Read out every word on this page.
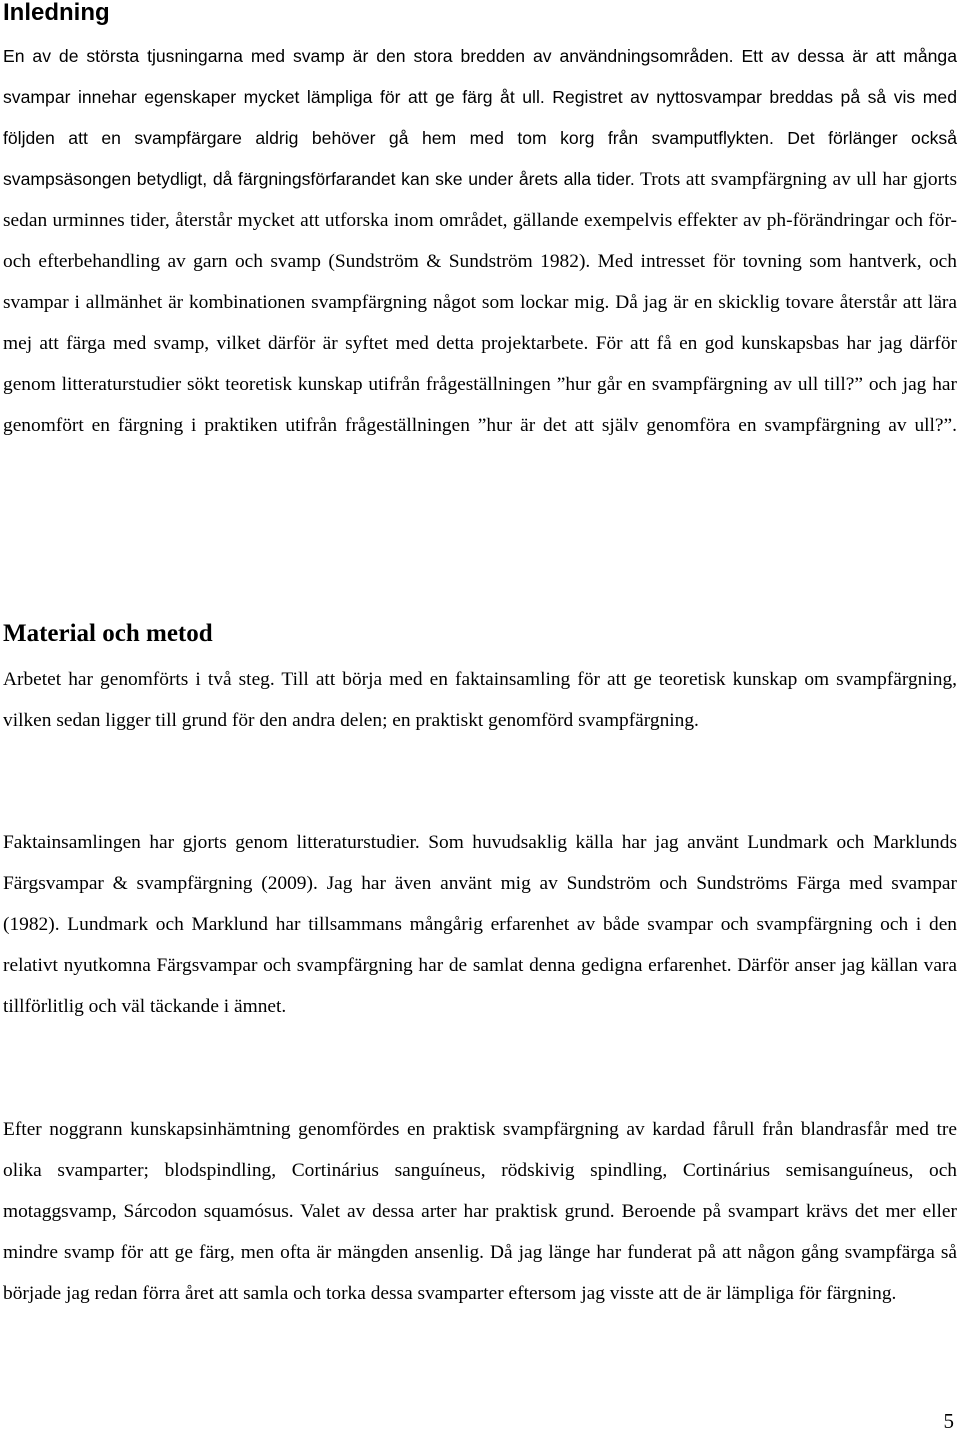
Inledning

En av de största tjusningarna med svamp är den stora bredden av användningsområden. Ett av dessa är att många svampar innehar egenskaper mycket lämpliga för att ge färg åt ull. Registret av nyttosvampar breddas på så vis med följden att en svampfärgare aldrig behöver gå hem med tom korg från svamputflykten. Det förlänger också svampsäsongen betydligt, då färgningsförfarandet kan ske under årets alla tider. Trots att svampfärgning av ull har gjorts sedan urminnes tider, återstår mycket att utforska inom området, gällande exempelvis effekter av ph-förändringar och för- och efterbehandling av garn och svamp (Sundström & Sundström 1982). Med intresset för tovning som hantverk, och svampar i allmänhet är kombinationen svampfärgning något som lockar mig. Då jag är en skicklig tovare återstår att lära mej att färga med svamp, vilket därför är syftet med detta projektarbete. För att få en god kunskapsbas har jag därför genom litteraturstudier sökt teoretisk kunskap utifrån frågeställningen ”hur går en svampfärgning av ull till?” och jag har genomfört en färgning i praktiken utifrån frågeställningen ”hur är det att själv genomföra en svampfärgning av ull?”.

Material och metod

Arbetet har genomförts i två steg. Till att börja med en faktainsamling för att ge teoretisk kunskap om svampfärgning, vilken sedan ligger till grund för den andra delen; en praktiskt genomförd svampfärgning.

Faktainsamlingen har gjorts genom litteraturstudier. Som huvudsaklig källa har jag använt Lundmark och Marklunds Färgsvampar & svampfärgning (2009). Jag har även använt mig av Sundström och Sundströms Färga med svampar (1982). Lundmark och Marklund har tillsammans mångårig erfarenhet av både svampar och svampfärgning och i den relativt nyutkomna Färgsvampar och svampfärgning har de samlat denna gedigna erfarenhet. Därför anser jag källan vara tillförlitlig och väl täckande i ämnet.

Efter noggrann kunskapsinhämtning genomfördes en praktisk svampfärgning av kardad fårull från blandrasfår med tre olika svamparter; blodspindling, Cortinárius sanguíneus, rödskivig spindling, Cortinárius semisanguíneus, och motaggsvamp, Sárcodon squamósus. Valet av dessa arter har praktisk grund. Beroende på svampart krävs det mer eller mindre svamp för att ge färg, men ofta är mängden ansenlig. Då jag länge har funderat på att någon gång svampfärga så började jag redan förra året att samla och torka dessa svamparter eftersom jag visste att de är lämpliga för färgning.

5
